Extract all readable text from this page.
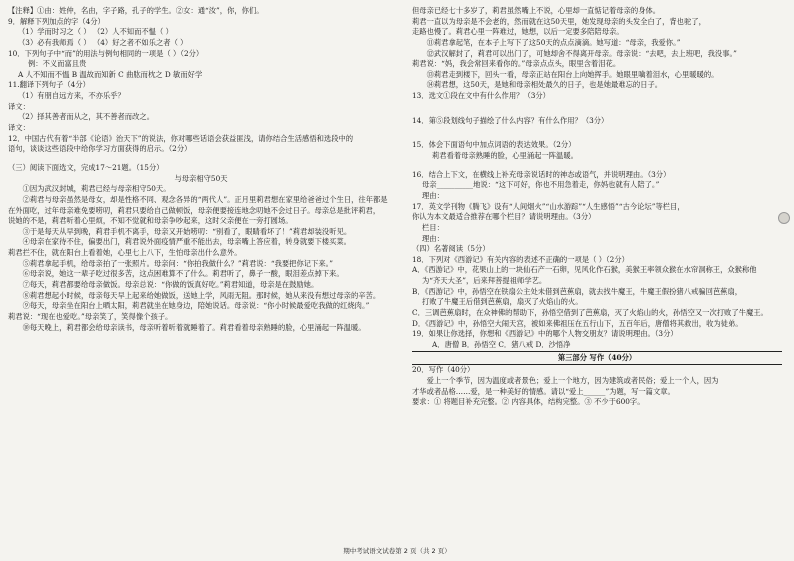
【注释】①由：姓仲，名由，字子路，孔子的学生。②女：通“汝”，你，你们。

9．解释下列加点的字（4分）

（1）学而时习之（ ） （2）人不知而不愠（ ）

（3）必有我师焉（ ） （4）好之者不如乐之者（ ）

10．下列句子中“而”的用法与例句相同的一项是（ ）（2分）

例：不义而富且贵

A 人不知而不愠 B 温故而知新 C 曲肱而枕之 D 敏而好学

11.翻译下列句子（4分）

（1）有朋自远方来，不亦乐乎？

译文：

（2）择其善者而从之，其不善者而改之。

译文：

12．中国古代有着“半部《论语》治天下”的说法，你对哪些话语会获益匪浅，请你结合生活感悟和选段中的

语句，谈谈这些语段中给你学习方面获得的启示。（2分）

（三）阅读下面选文，完成17～21题。（15分）

与母亲相守50天

①因为武汉封城，莉君已经与母亲相守50天。

②莉君与母亲虽然是母女，却是性格不同、观念各异的“两代人”。正月里莉君想在家里给爸爸过个生日，往年都是

在外面吃，过年母亲难免要唠叨，莉君只要给自己做顿饭，母亲便要接连地念叨她不会过日子。母亲总是批评莉君，

说她的不是，莉君听着心里烦，不知不觉就和母亲争吵起来，这时父亲便在一旁打圆场。

③于是每天从早到晚，莉君手机不离手，母亲又开始唠叨：“别看了，眼睛看坏了！”莉君却装没听见。

④母亲在家待不住，偏要出门，莉君说外面疫情严重不能出去，母亲嘴上答应着，转身就要下楼买菜。

莉君拦不住，就在阳台上看着她，心里七上八下，生怕母亲出什么意外。

⑤莉君拿起手机，给母亲拍了一张照片。母亲问：“你拍我做什么？”莉君说：“我要把你记下来。”

⑥母亲说，她这一辈子吃过很多苦，这点困难算不了什么。莉君听了，鼻子一酸，眼泪差点掉下来。

⑦每天，莉君都要给母亲做饭。母亲总说：“你做的饭真好吃。”莉君知道，母亲是在鼓励她。

⑧莉君想起小时候，母亲每天早上起来给她做饭，送她上学，风雨无阻。那时候，她从来没有想过母亲的辛苦。

⑨每天，母亲坐在阳台上晒太阳，莉君就坐在她身边，陪她说话。母亲说：“你小时候最爱吃我做的红烧肉。”

莉君说：“现在也爱吃。”母亲笑了，笑得像个孩子。

⑩每天晚上，莉君都会给母亲读书，母亲听着听着就睡着了。莉君看着母亲熟睡的脸，心里涌起一阵温暖。

但母亲已经七十多岁了，莉君虽然嘴上不说，心里却一直惦记着母亲的身体。

莉君一直以为母亲是不会老的，然而就在这50天里，她发现母亲的头发全白了，背也驼了，

走路也慢了。莉君心里一阵难过，她想，以后一定要多陪陪母亲。

⑪莉君拿起笔，在本子上写下了这50天的点点滴滴。她写道：“母亲，我爱你。”

⑫武汉解封了，莉君可以出门了，可她却舍不得离开母亲。母亲说：“去吧，去上班吧，我没事。”

莉君说：“妈，我会常回来看你的。”母亲点点头，眼里含着泪花。

⑬莉君走到楼下，回头一看，母亲正站在阳台上向她挥手。她眼里噙着泪水，心里暖暖的。

⑭莉君想，这50天，是她和母亲相处最久的日子，也是她最难忘的日子。

13．选文①段在文中有什么作用？（3分）

14．第⑤段划线句子描绘了什么内容？有什么作用？（3分）

15．体会下面语句中加点词语的表达效果。（2分）

莉君看着母亲熟睡的脸，心里涌起一阵温暖。

16．结合上下文，在横线上补充母亲说话时的神态或语气，并说明理由。（3分）

母亲__________地说：“这下可好，你也不用急着走，你妈也就有人陪了。”

理由：

17．英文学刊物《腾飞》设有“人间烟火”“山水游踪”“人生感悟”“古今论坛”等栏目，

你认为本文最适合推荐在哪个栏目？请说明理由。（3分）

栏目：

理由：

（四）名著阅读（5分）

18．下列对《西游记》有关内容的表述不正确的一项是（ ）（2分）

A．《西游记》中，花果山上的一块仙石产一石卵，见风化作石猴，美猴王率领众猴在水帘洞称王，众猴称他

为“齐天大圣”，后来拜菩提祖师学艺。

B．《西游记》中，孙悟空在铁扇公主处未借到芭蕉扇，就去找牛魔王，牛魔王假扮猪八戒骗回芭蕉扇，

打败了牛魔王后借到芭蕉扇，扇灭了火焰山的火。

C．三调芭蕉扇时，在众神佛的帮助下，孙悟空借到了芭蕉扇，灭了火焰山的火，孙悟空又一次打败了牛魔王。

D．《西游记》中，孙悟空大闹天宫，被如来佛祖压在五行山下，五百年后，唐僧将其救出，收为徒弟。

19．如果让你选择，你想和《西游记》中的哪个人物交朋友？请说明理由。（3分）

A．唐僧 B．孙悟空 C．猪八戒 D．沙悟净

第三部分 写作（40分）

20．写作（40分）

爱上一个季节，因为温度或者景色；爱上一个地方，因为建筑或者民俗；爱上一个人，因为

才华或者品格……爱，是一种美好的情感。请以“爱上______”为题，写一篇文章。

要求：① 将题目补充完整。② 内容具体，结构完整。③ 不少于600字。

期中考试语文试卷第 2 页（共 2 页）
